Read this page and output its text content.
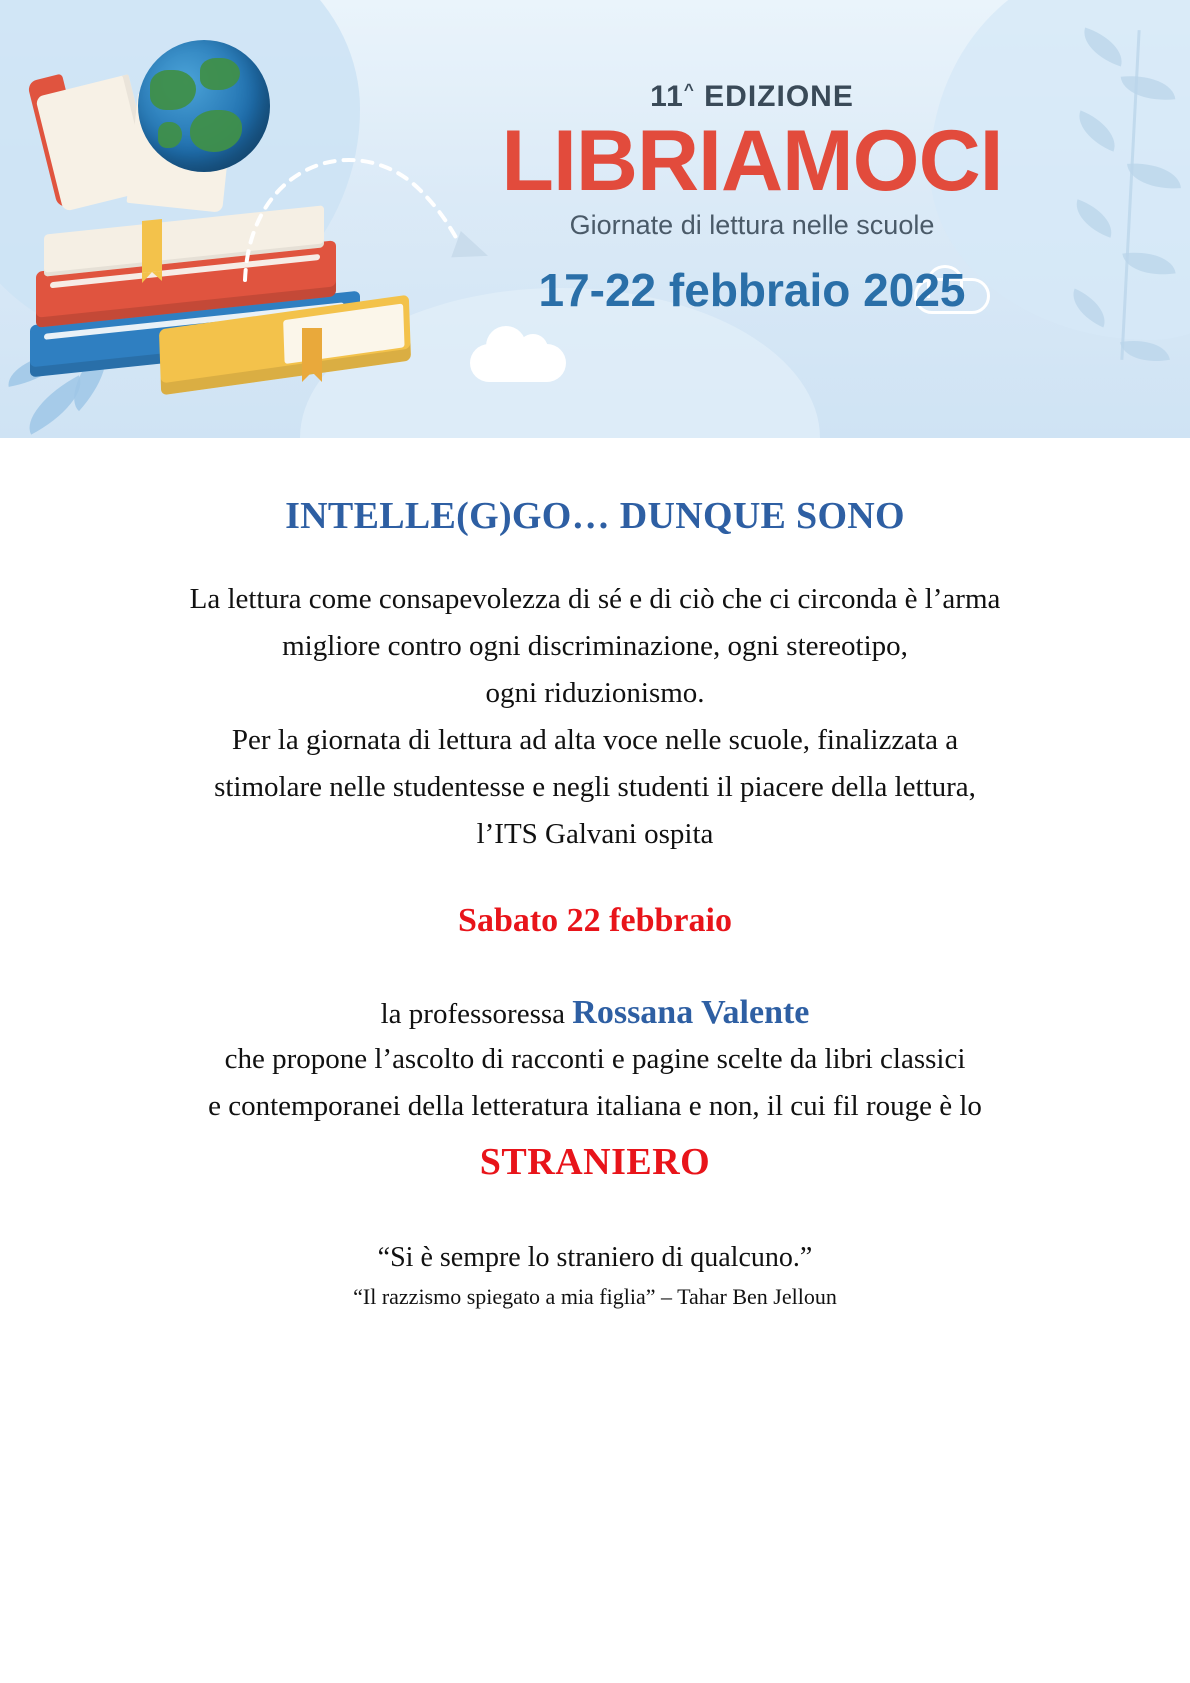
11^ EDIZIONE

LIBRIAMOCI

Giornate di lettura nelle scuole

17-22 febbraio 2025

INTELLE(G)GO… DUNQUE SONO

La lettura come consapevolezza di sé e di ciò che ci circonda è l’arma

migliore contro ogni discriminazione, ogni stereotipo,

ogni riduzionismo.

Per la giornata di lettura ad alta voce nelle scuole, finalizzata a

stimolare nelle studentesse e negli studenti il piacere della lettura,

l’ITS Galvani ospita

Sabato 22 febbraio

la professoressa Rossana Valente

che propone l’ascolto di racconti e pagine scelte da libri classici

e contemporanei della letteratura italiana e non, il cui fil rouge è lo

STRANIERO

“Si è sempre lo straniero di qualcuno.”

“Il razzismo spiegato a mia figlia” – Tahar Ben Jelloun
